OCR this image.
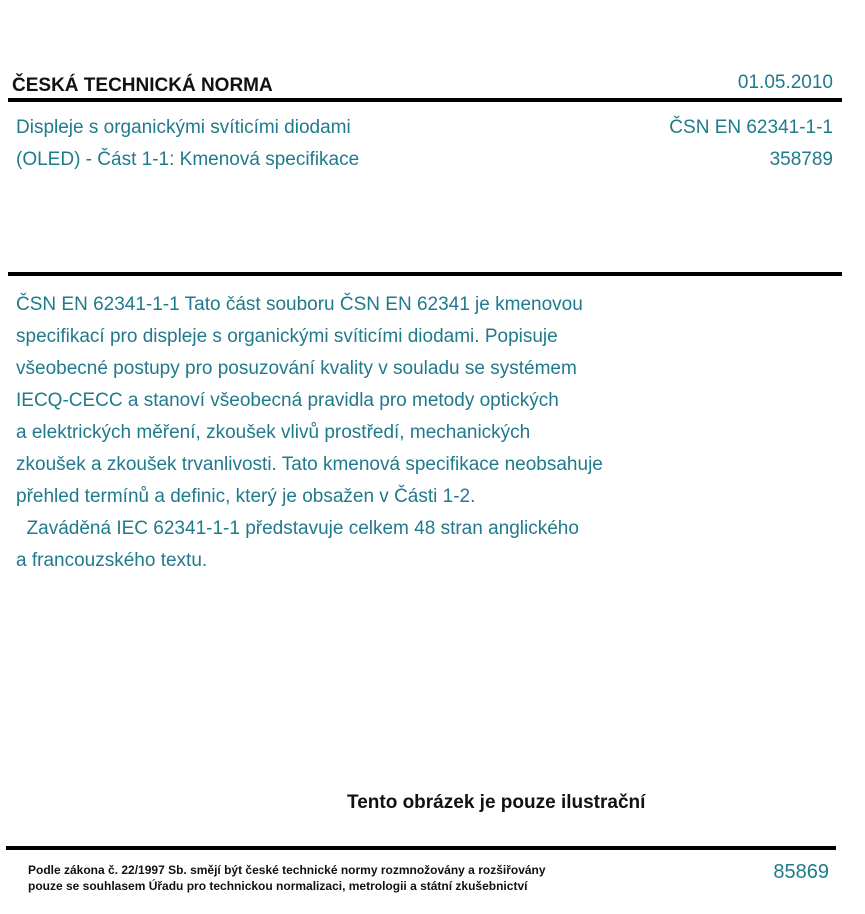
ČESKÁ TECHNICKÁ NORMA	01.05.2010
Displeje s organickými svíticími diodami
(OLED) - Část 1-1: Kmenová specifikace
ČSN EN 62341-1-1
358789

ČSN EN 62341-1-1 Tato část souboru ČSN EN 62341 je kmenovou

specifikací pro displeje s organickými svíticími diodami. Popisuje

všeobecné postupy pro posuzování kvality v souladu se systémem

IECQ-CECC a stanoví všeobecná pravidla pro metody optických

a elektrických měření, zkoušek vlivů prostředí, mechanických

zkoušek a zkoušek trvanlivosti. Tato kmenová specifikace neobsahuje

přehled termínů a definic, který je obsažen v Části 1-2.

Zaváděná IEC 62341-1-1 představuje celkem 48 stran anglického

a francouzského textu.

Tento obrázek je pouze ilustrační
Podle zákona č. 22/1997 Sb. smějí být české technické normy rozmnožovány a rozšiřovány
pouze se souhlasem Úřadu pro technickou normalizaci, metrologii a státní zkušebnictví
85869
